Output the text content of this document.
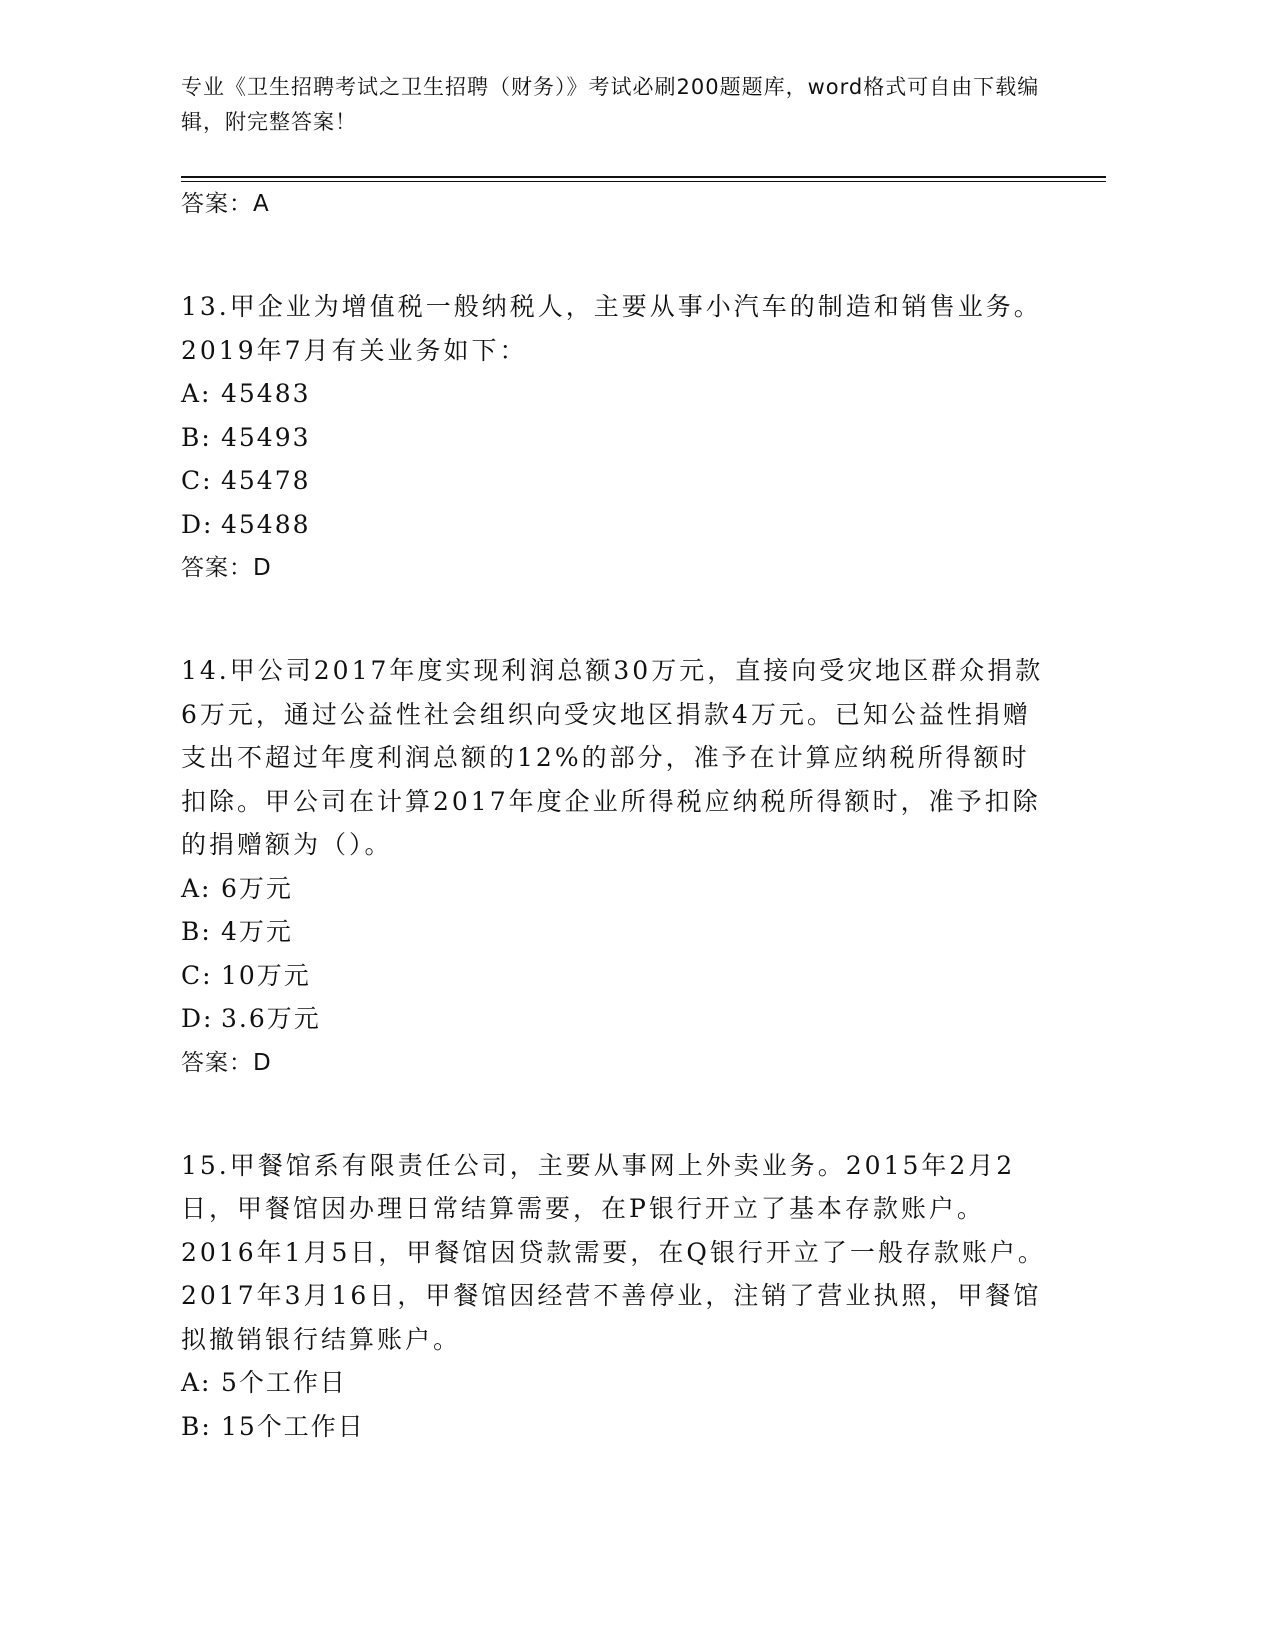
专业《卫生招聘考试之卫生招聘（财务）》考试必刷200题题库，word格式可自由下载编辑，附完整答案！
答案：A

13.甲企业为增值税一般纳税人，主要从事小汽车的制造和销售业务。2019年7月有关业务如下：

A: 45483
B: 45493
C: 45478
D: 45488
答案：D

14.甲公司2017年度实现利润总额30万元，直接向受灾地区群众捐款6万元，通过公益性社会组织向受灾地区捐款4万元。已知公益性捐赠支出不超过年度利润总额的12%的部分，准予在计算应纳税所得额时扣除。甲公司在计算2017年度企业所得税应纳税所得额时，准予扣除的捐赠额为（）。

A: 6万元
B: 4万元
C: 10万元
D: 3.6万元
答案：D

15.甲餐馆系有限责任公司，主要从事网上外卖业务。2015年2月2日，甲餐馆因办理日常结算需要，在P银行开立了基本存款账户。2016年1月5日，甲餐馆因贷款需要，在Q银行开立了一般存款账户。2017年3月16日，甲餐馆因经营不善停业，注销了营业执照，甲餐馆拟撤销银行结算账户。

A: 5个工作日
B: 15个工作日
